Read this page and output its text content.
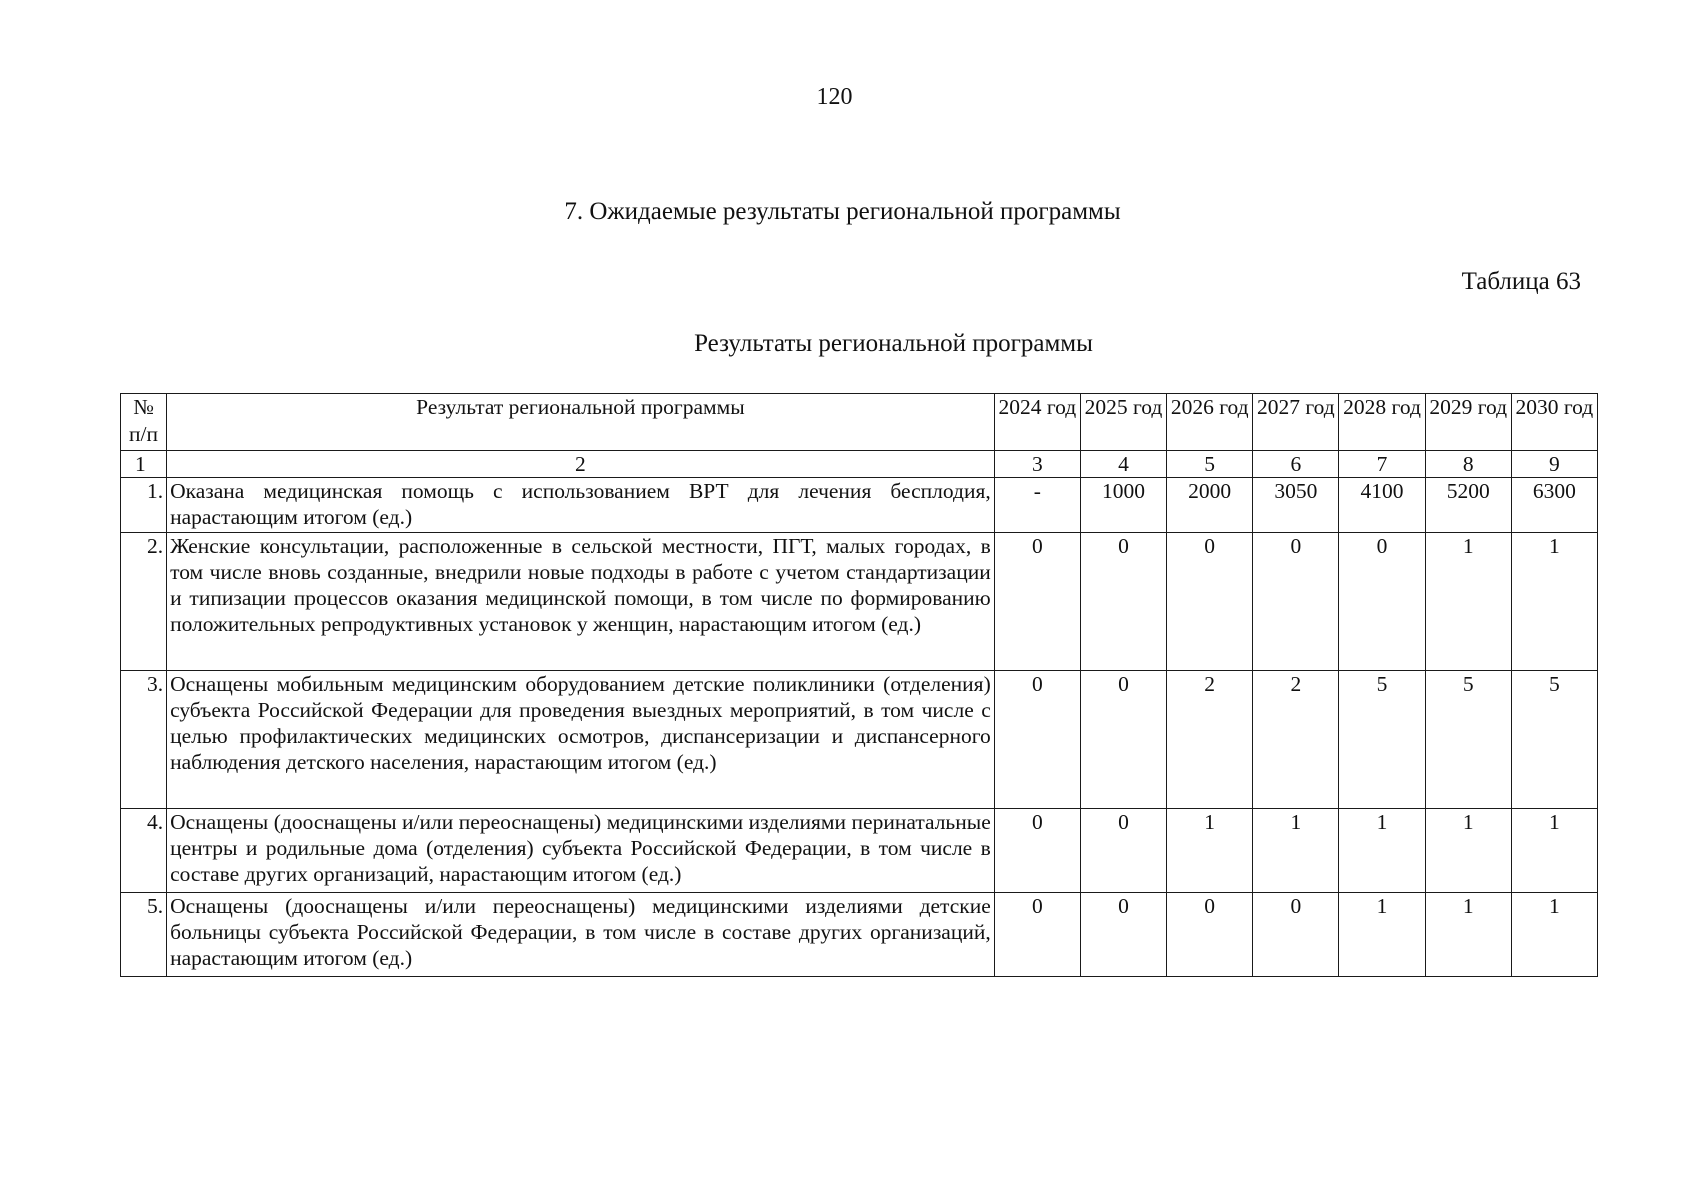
120
7. Ожидаемые результаты региональной программы
Таблица 63
Результаты региональной программы
№ п/п	Результат региональной программы	2024 год	2025 год	2026 год	2027 год	2028 год	2029 год	2030 год
1	2	3	4	5	6	7	8	9
1.	Оказана медицинская помощь с использованием ВРТ для лечения бесплодия, нарастающим итогом (ед.)	-	1000	2000	3050	4100	5200	6300
2.	Женские консультации, расположенные в сельской местности, ПГТ, малых городах, в том числе вновь созданные, внедрили новые подходы в работе с учетом стандартизации и типизации процессов оказания медицинской помощи, в том числе по формированию положительных репродуктивных установок у женщин, нарастающим итогом (ед.)	0	0	0	0	0	1	1
3.	Оснащены мобильным медицинским оборудованием детские поликлиники (отделения) субъекта Российской Федерации для проведения выездных мероприятий, в том числе с целью профилактических медицинских осмотров, диспансеризации и диспансерного наблюдения детского населения, нарастающим итогом (ед.)	0	0	2	2	5	5	5
4.	Оснащены (дооснащены и/или переоснащены) медицинскими изделиями перинатальные центры и родильные дома (отделения) субъекта Российской Федерации, в том числе в составе других организаций, нарастающим итогом (ед.)	0	0	1	1	1	1	1
5.	Оснащены (дооснащены и/или переоснащены) медицинскими изделиями детские больницы субъекта Российской Федерации, в том числе в составе других организаций, нарастающим итогом (ед.)	0	0	0	0	1	1	1
